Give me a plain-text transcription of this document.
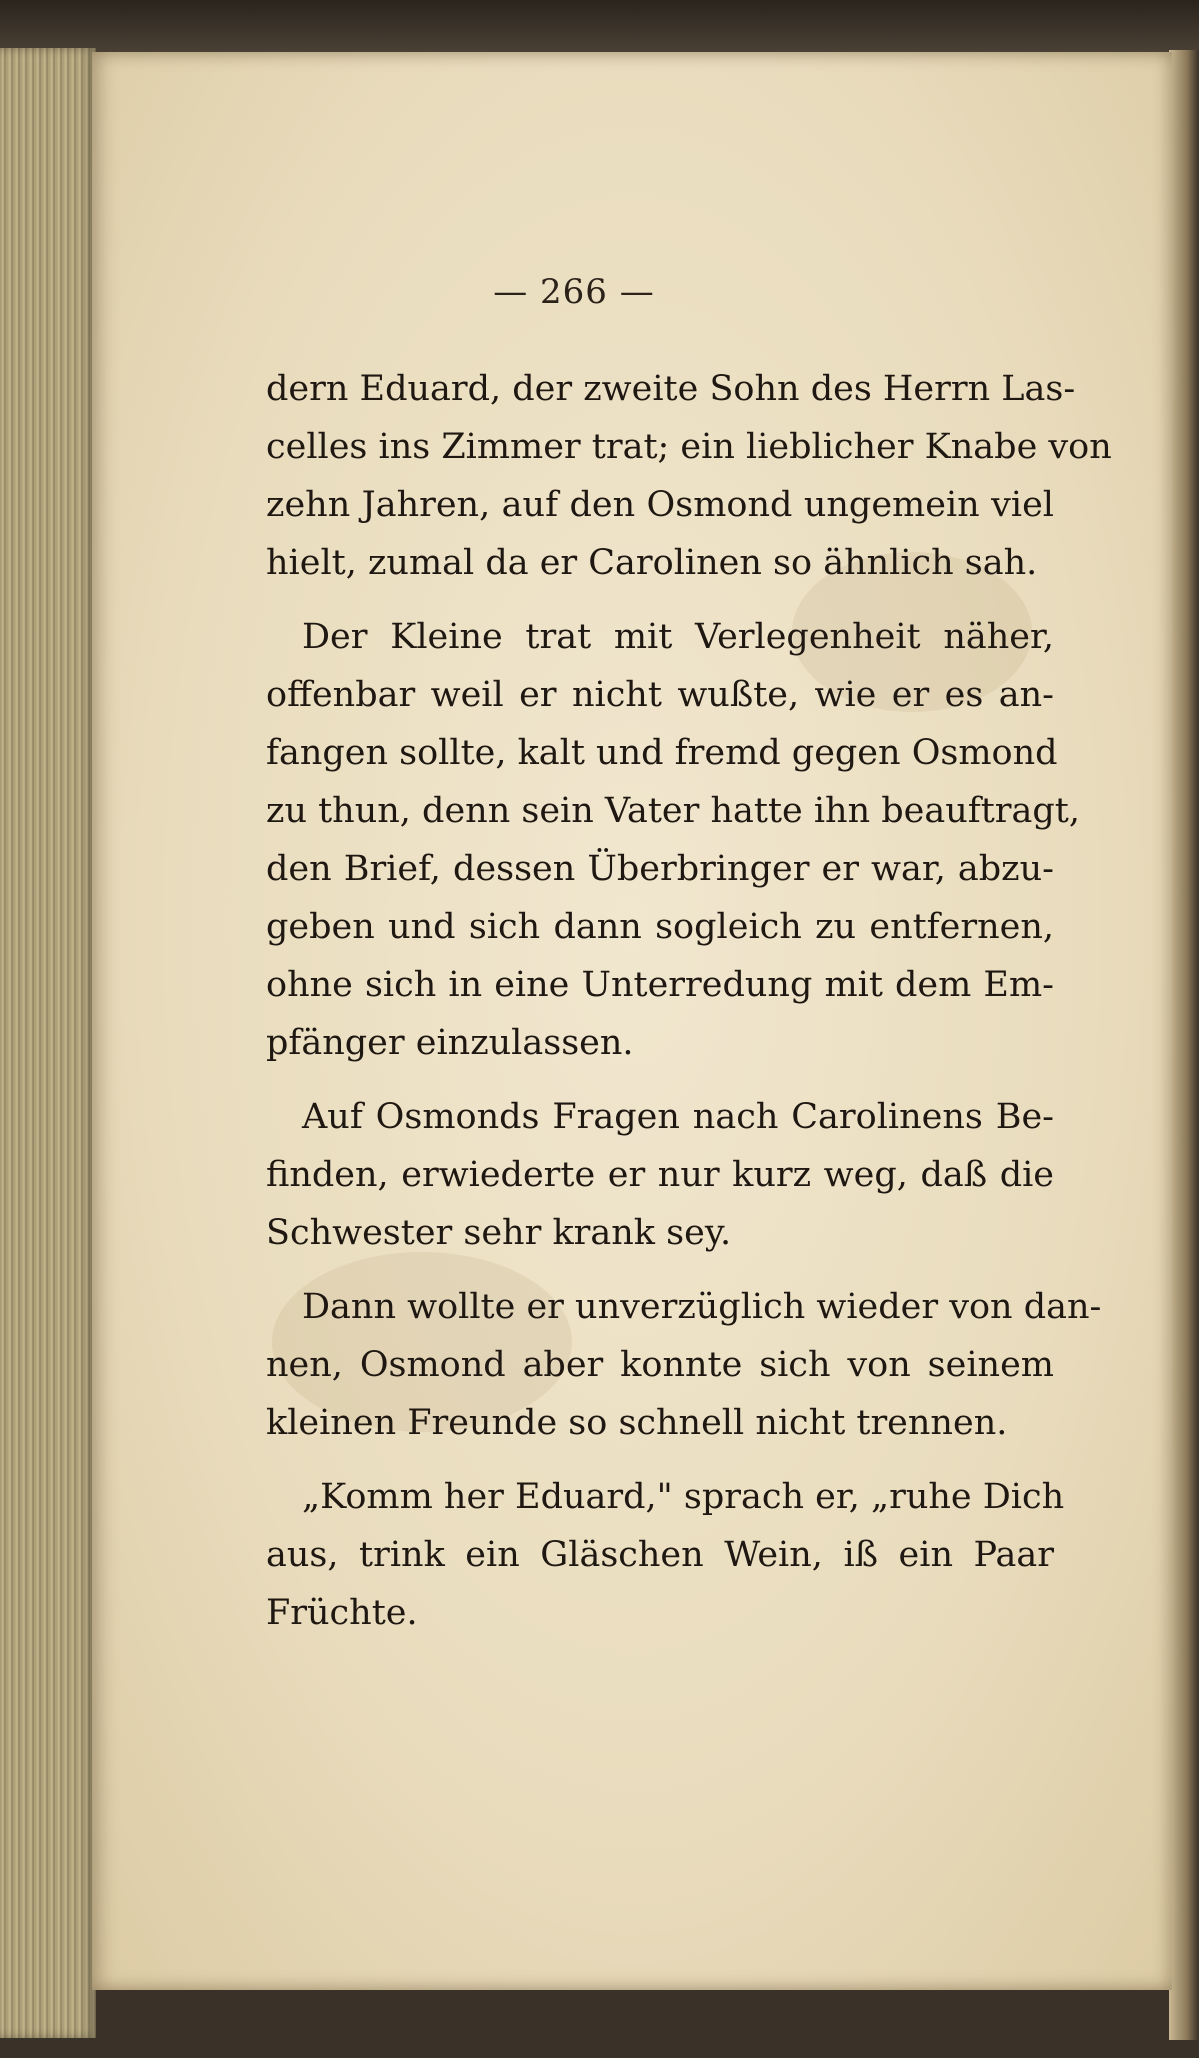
— 266 —
dern Eduard, der zweite Sohn des Herrn Las-
celles ins Zimmer trat; ein lieblicher Knabe von
zehn Jahren, auf den Osmond ungemein viel
hielt, zumal da er Carolinen so ähnlich sah.
Der Kleine trat mit Verlegenheit näher,
offenbar weil er nicht wußte, wie er es an-
fangen sollte, kalt und fremd gegen Osmond
zu thun, denn sein Vater hatte ihn beauftragt,
den Brief, dessen Überbringer er war, abzu-
geben und sich dann sogleich zu entfernen,
ohne sich in eine Unterredung mit dem Em-
pfänger einzulassen.
Auf Osmonds Fragen nach Carolinens Be-
finden, erwiederte er nur kurz weg, daß die
Schwester sehr krank sey.
Dann wollte er unverzüglich wieder von dan-
nen, Osmond aber konnte sich von seinem
kleinen Freunde so schnell nicht trennen.
„Komm her Eduard," sprach er, „ruhe Dich
aus, trink ein Gläschen Wein, iß ein Paar
Früchte.
